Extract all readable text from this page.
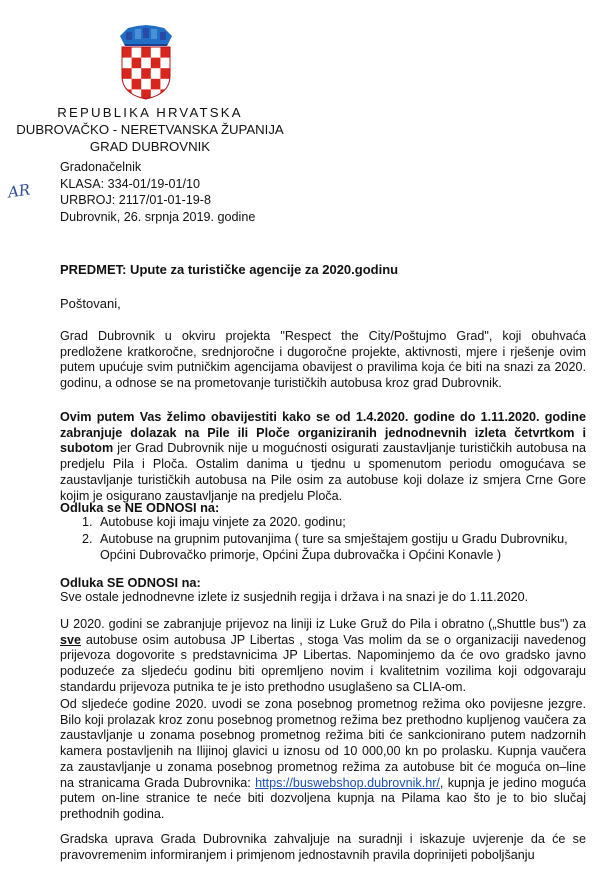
REPUBLIKA HRVATSKA
DUBROVAČKO - NERETVANSKA ŽUPANIJA
GRAD DUBROVNIK
Gradonačelnik
KLASA: 334-01/19-01/10
URBROJ: 2117/01-01-19-8
Dubrovnik, 26. srpnja 2019. godine
AR
PREDMET: Upute za turističke agencije za 2020.godinu
Poštovani,
Grad Dubrovnik u okviru projekta "Respect the City/Poštujmo Grad", koji obuhvaća predložene kratkoročne, srednjoročne i dugoročne projekte, aktivnosti, mjere i rješenje ovim putem upućuje svim putničkim agencijama obavijest o pravilima koja će biti na snazi za 2020. godinu, a odnose se na prometovanje turističkih autobusa kroz grad Dubrovnik.
Ovim putem Vas želimo obavijestiti kako se od 1.4.2020. godine do 1.11.2020. godine zabranjuje dolazak na Pile ili Ploče organiziranih jednodnevnih izleta četvrtkom i subotom jer Grad Dubrovnik nije u mogućnosti osigurati zaustavljanje turističkih autobusa na predjelu Pila i Ploča. Ostalim danima u tjednu u spomenutom periodu omogućava se zaustavljanje turističkih autobusa na Pile osim za autobuse koji dolaze iz smjera Crne Gore kojim je osigurano zaustavljanje na predjelu Ploča.
Odluka se NE ODNOSI na:
1. Autobuse koji imaju vinjete za 2020. godinu;
2. Autobuse na grupnim putovanjima ( ture sa smještajem gostiju u Gradu Dubrovniku, Općini Dubrovačko primorje, Općini Župa dubrovačka i Općini Konavle )
Odluka SE ODNOSI na:
Sve ostale jednodnevne izlete iz susjednih regija i država i na snazi je do 1.11.2020.
U 2020. godini se zabranjuje prijevoz na liniji iz Luke Gruž do Pila i obratno („Shuttle bus") za sve autobuse osim autobusa JP Libertas , stoga Vas molim da se o organizaciji navedenog prijevoza dogovorite s predstavnicima JP Libertas. Napominjemo da će ovo gradsko javno poduzeće za sljedeću godinu biti opremljeno novim i kvalitetnim vozilima koji odgovaraju standardu prijevoza putnika te je isto prethodno usuglašeno sa CLIA-om.
Od sljedeće godine 2020. uvodi se zona posebnog prometnog režima oko povijesne jezgre. Bilo koji prolazak kroz zonu posebnog prometnog režima bez prethodno kupljenog vaučera za zaustavljanje u zonama posebnog prometnog režima biti će sankcionirano putem nadzornih kamera postavljenih na Ilijinoj glavici u iznosu od 10 000,00 kn po prolasku. Kupnja vaučera za zaustavljanje u zonama posebnog prometnog režima za autobuse bit će moguća on–line na stranicama Grada Dubrovnika: https://buswebshop.dubrovnik.hr/, kupnja je jedino moguća putem on-line stranice te neće biti dozvoljena kupnja na Pilama kao što je to bio slučaj prethodnih godina.
Gradska uprava Grada Dubrovnika zahvaljuje na suradnji i iskazuje uvjerenje da će se pravovremenim informiranjem i primjenom jednostavnih pravila doprinijeti poboljšanju
